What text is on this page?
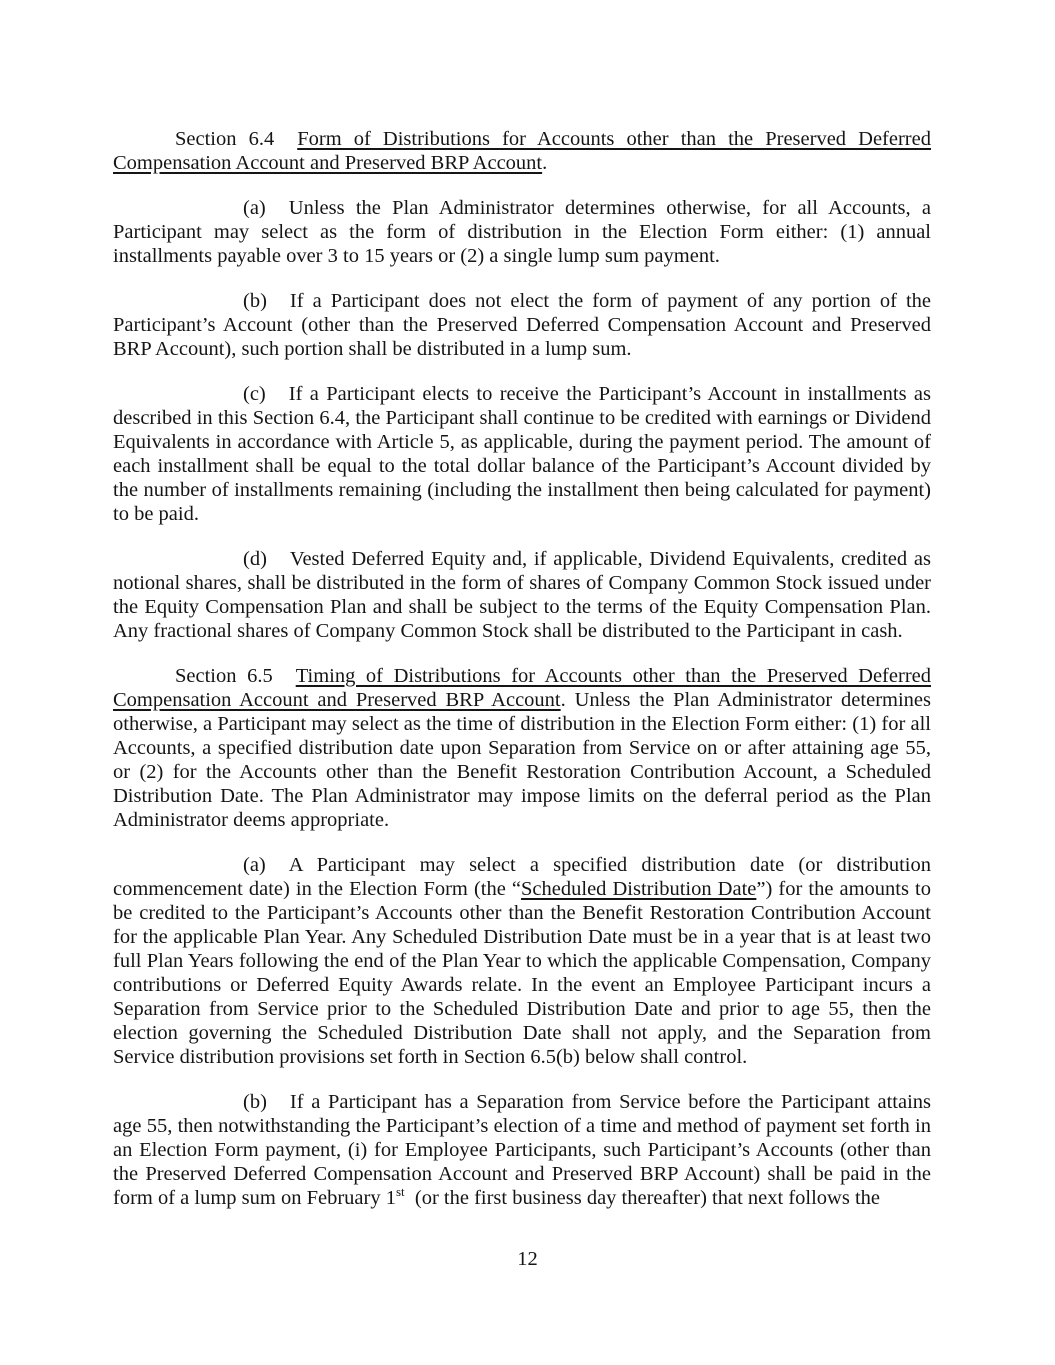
Section 6.4 Form of Distributions for Accounts other than the Preserved Deferred Compensation Account and Preserved BRP Account.

(a) Unless the Plan Administrator determines otherwise, for all Accounts, a Participant may select as the form of distribution in the Election Form either: (1) annual installments payable over 3 to 15 years or (2) a single lump sum payment.

(b) If a Participant does not elect the form of payment of any portion of the Participant’s Account (other than the Preserved Deferred Compensation Account and Preserved BRP Account), such portion shall be distributed in a lump sum.

(c) If a Participant elects to receive the Participant’s Account in installments as described in this Section 6.4, the Participant shall continue to be credited with earnings or Dividend Equivalents in accordance with Article 5, as applicable, during the payment period. The amount of each installment shall be equal to the total dollar balance of the Participant’s Account divided by the number of installments remaining (including the installment then being calculated for payment) to be paid.

(d) Vested Deferred Equity and, if applicable, Dividend Equivalents, credited as notional shares, shall be distributed in the form of shares of Company Common Stock issued under the Equity Compensation Plan and shall be subject to the terms of the Equity Compensation Plan. Any fractional shares of Company Common Stock shall be distributed to the Participant in cash.

Section 6.5 Timing of Distributions for Accounts other than the Preserved Deferred Compensation Account and Preserved BRP Account. Unless the Plan Administrator determines otherwise, a Participant may select as the time of distribution in the Election Form either: (1) for all Accounts, a specified distribution date upon Separation from Service on or after attaining age 55, or (2) for the Accounts other than the Benefit Restoration Contribution Account, a Scheduled Distribution Date. The Plan Administrator may impose limits on the deferral period as the Plan Administrator deems appropriate.

(a) A Participant may select a specified distribution date (or distribution commencement date) in the Election Form (the “Scheduled Distribution Date”) for the amounts to be credited to the Participant’s Accounts other than the Benefit Restoration Contribution Account for the applicable Plan Year. Any Scheduled Distribution Date must be in a year that is at least two full Plan Years following the end of the Plan Year to which the applicable Compensation, Company contributions or Deferred Equity Awards relate. In the event an Employee Participant incurs a Separation from Service prior to the Scheduled Distribution Date and prior to age 55, then the election governing the Scheduled Distribution Date shall not apply, and the Separation from Service distribution provisions set forth in Section 6.5(b) below shall control.

(b) If a Participant has a Separation from Service before the Participant attains age 55, then notwithstanding the Participant’s election of a time and method of payment set forth in an Election Form payment, (i) for Employee Participants, such Participant’s Accounts (other than the Preserved Deferred Compensation Account and Preserved BRP Account) shall be paid in the form of a lump sum on February 1st  (or the first business day thereafter) that next follows the

12
